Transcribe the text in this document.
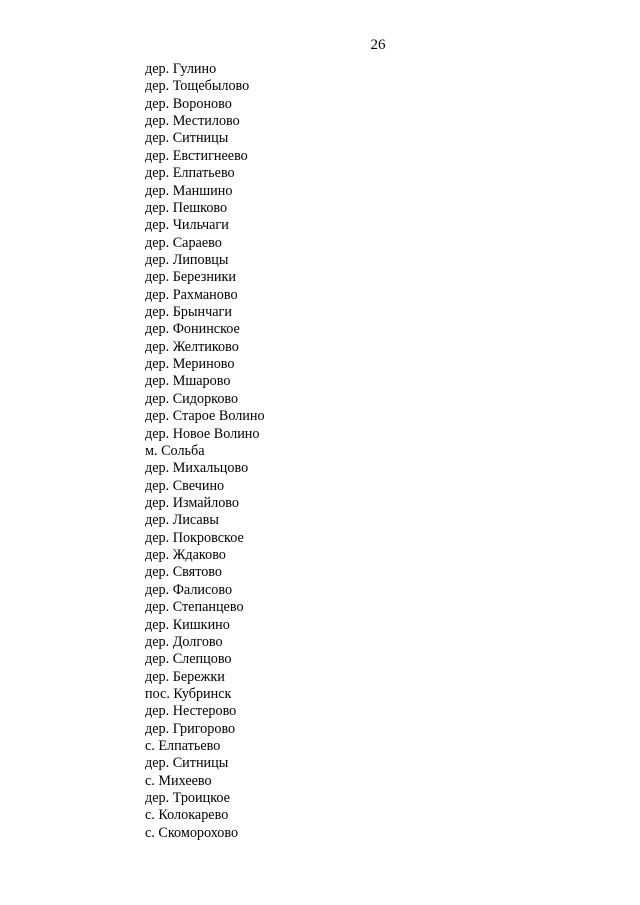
26
дер. Гулино
дер. Тощебылово
дер. Вороново
дер. Местилово
дер. Ситницы
дер. Евстигнеево
дер. Елпатьево
дер. Маншино
дер. Пешково
дер. Чильчаги
дер. Сараево
дер. Липовцы
дер. Березники
дер. Рахманово
дер. Брынчаги
дер. Фонинское
дер. Желтиково
дер. Мериново
дер. Мшарово
дер. Сидорково
дер. Старое Волино
дер. Новое Волино
м. Сольба
дер. Михальцово
дер. Свечино
дер. Измайлово
дер. Лисавы
дер. Покровское
дер. Ждаково
дер. Святово
дер. Фалисово
дер. Степанцево
дер. Кишкино
дер. Долгово
дер. Слепцово
дер. Бережки
пос. Кубринск
дер. Нестерово
дер. Григорово
с. Елпатьево
дер. Ситницы
с. Михеево
дер. Троицкое
с. Колокарево
с. Скоморохово
